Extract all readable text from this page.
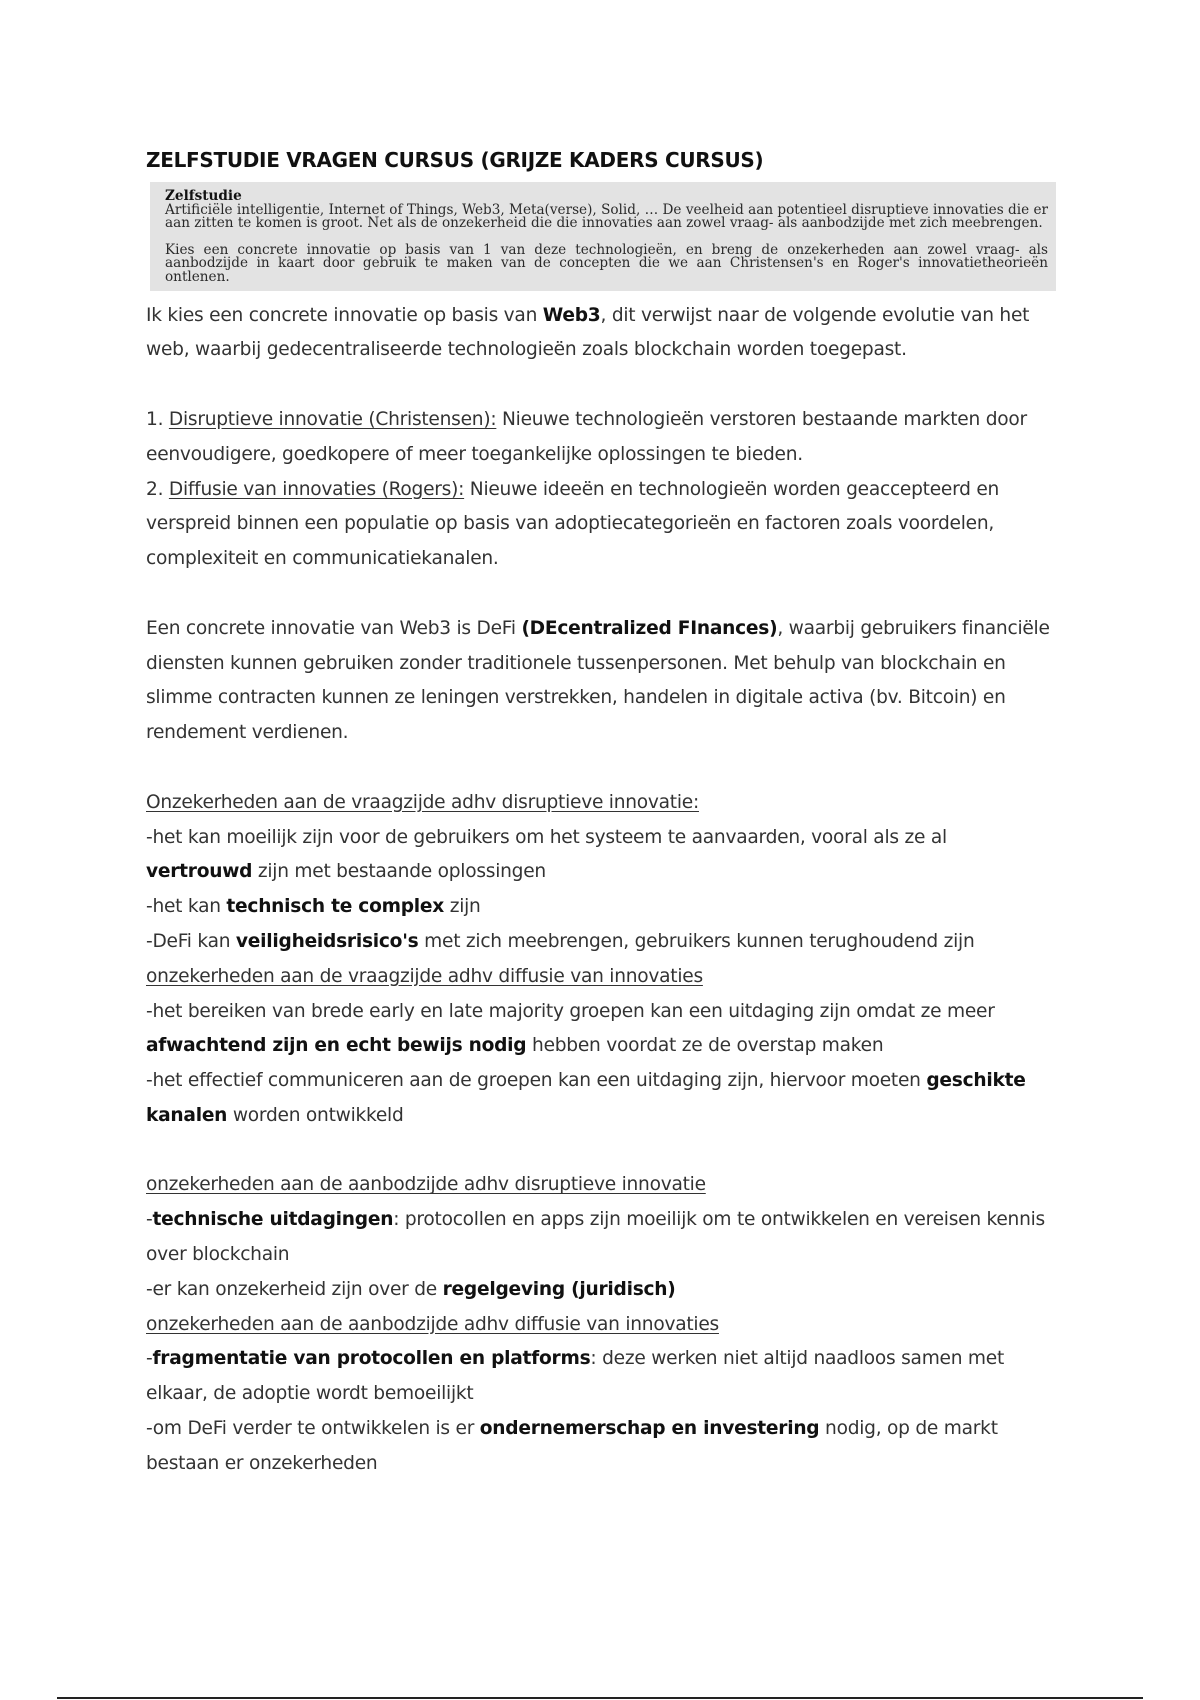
ZELFSTUDIE VRAGEN CURSUS (GRIJZE KADERS CURSUS)
Zelfstudie

Artificiële intelligentie, Internet of Things, Web3, Meta(verse), Solid, … De veelheid aan potentieel disruptieve innovaties die er aan zitten te komen is groot. Net als de onzekerheid die die innovaties aan zowel vraag- als aanbodzijde met zich meebrengen.

Kies een concrete innovatie op basis van 1 van deze technologieën, en breng de onzekerheden aan zowel vraag- als aanbodzijde in kaart door gebruik te maken van de concepten die we aan Christensen's en Roger's innovatietheorieën ontlenen.

Ik kies een concrete innovatie op basis van Web3, dit verwijst naar de volgende evolutie van het web, waarbij gedecentraliseerde technologieën zoals blockchain worden toegepast.

1. Disruptieve innovatie (Christensen): Nieuwe technologieën verstoren bestaande markten door eenvoudigere, goedkopere of meer toegankelijke oplossingen te bieden.

2. Diffusie van innovaties (Rogers): Nieuwe ideeën en technologieën worden geaccepteerd en verspreid binnen een populatie op basis van adoptiecategorieën en factoren zoals voordelen, complexiteit en communicatiekanalen.

Een concrete innovatie van Web3 is DeFi (DEcentralized FInances), waarbij gebruikers financiële diensten kunnen gebruiken zonder traditionele tussenpersonen. Met behulp van blockchain en slimme contracten kunnen ze leningen verstrekken, handelen in digitale activa (bv. Bitcoin) en rendement verdienen.

Onzekerheden aan de vraagzijde adhv disruptieve innovatie:

-het kan moeilijk zijn voor de gebruikers om het systeem te aanvaarden, vooral als ze al vertrouwd zijn met bestaande oplossingen

-het kan technisch te complex zijn

-DeFi kan veiligheidsrisico's met zich meebrengen, gebruikers kunnen terughoudend zijn

onzekerheden aan de vraagzijde adhv diffusie van innovaties

-het bereiken van brede early en late majority groepen kan een uitdaging zijn omdat ze meer afwachtend zijn en echt bewijs nodig hebben voordat ze de overstap maken

-het effectief communiceren aan de groepen kan een uitdaging zijn, hiervoor moeten geschikte kanalen worden ontwikkeld

onzekerheden aan de aanbodzijde adhv disruptieve innovatie

-technische uitdagingen: protocollen en apps zijn moeilijk om te ontwikkelen en vereisen kennis over blockchain

-er kan onzekerheid zijn over de regelgeving (juridisch)

onzekerheden aan de aanbodzijde adhv diffusie van innovaties

-fragmentatie van protocollen en platforms: deze werken niet altijd naadloos samen met elkaar, de adoptie wordt bemoeilijkt

-om DeFi verder te ontwikkelen is er ondernemerschap en investering nodig, op de markt bestaan er onzekerheden
